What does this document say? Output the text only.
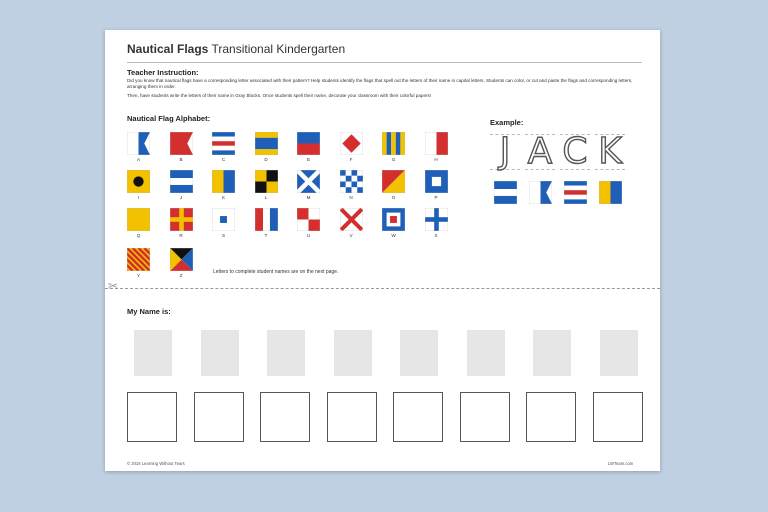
Nautical Flags Transitional Kindergarten
Teacher Instruction:
Did you know that nautical flags have a corresponding letter associated with their pattern? Help students identify the flags that spell out the letters of their name in capital letters. Students can color, or cut and paste the flags and corresponding letters, arranging them in order.
Then, have students write the letters of their name in Gray Blocks. Once students spell their name, decorate your classroom with their colorful papers!
Nautical Flag Alphabet:	Example:
A	B	C	D	E	F	G	H
I	J	K	L	M	N	O	P
Q	R	S	T	U	V	W	X
Y	Z
J A C K
Letters to complete student names are on the next page.
✂
My Name is:
© 2018 Learning Without Tears	LWTears.com
